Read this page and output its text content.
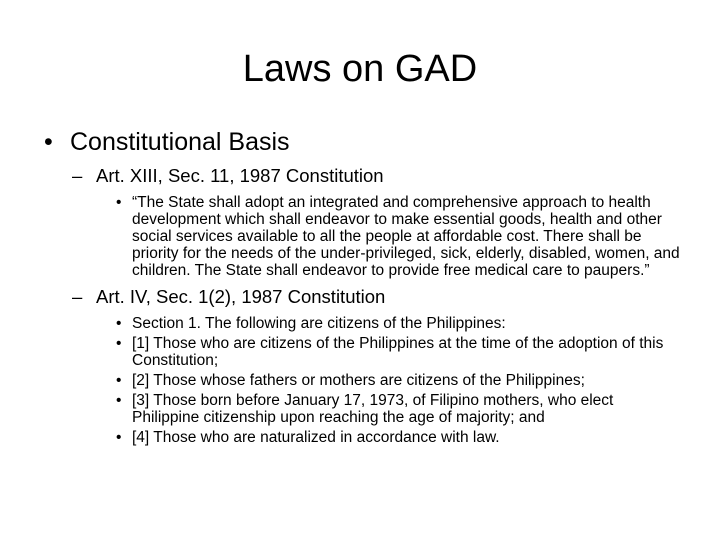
Laws on GAD
• Constitutional Basis
– Art. XIII, Sec. 11, 1987 Constitution
• “The State shall adopt an integrated and comprehensive approach to health development which shall endeavor to make essential goods, health and other social services available to all the people at affordable cost. There shall be priority for the needs of the under-privileged, sick, elderly, disabled, women, and children. The State shall endeavor to provide free medical care to paupers.”
– Art. IV, Sec. 1(2), 1987 Constitution
• Section 1. The following are citizens of the Philippines:
• [1] Those who are citizens of the Philippines at the time of the adoption of this Constitution;
• [2] Those whose fathers or mothers are citizens of the Philippines;
• [3] Those born before January 17, 1973, of Filipino mothers, who elect Philippine citizenship upon reaching the age of majority; and
• [4] Those who are naturalized in accordance with law.
